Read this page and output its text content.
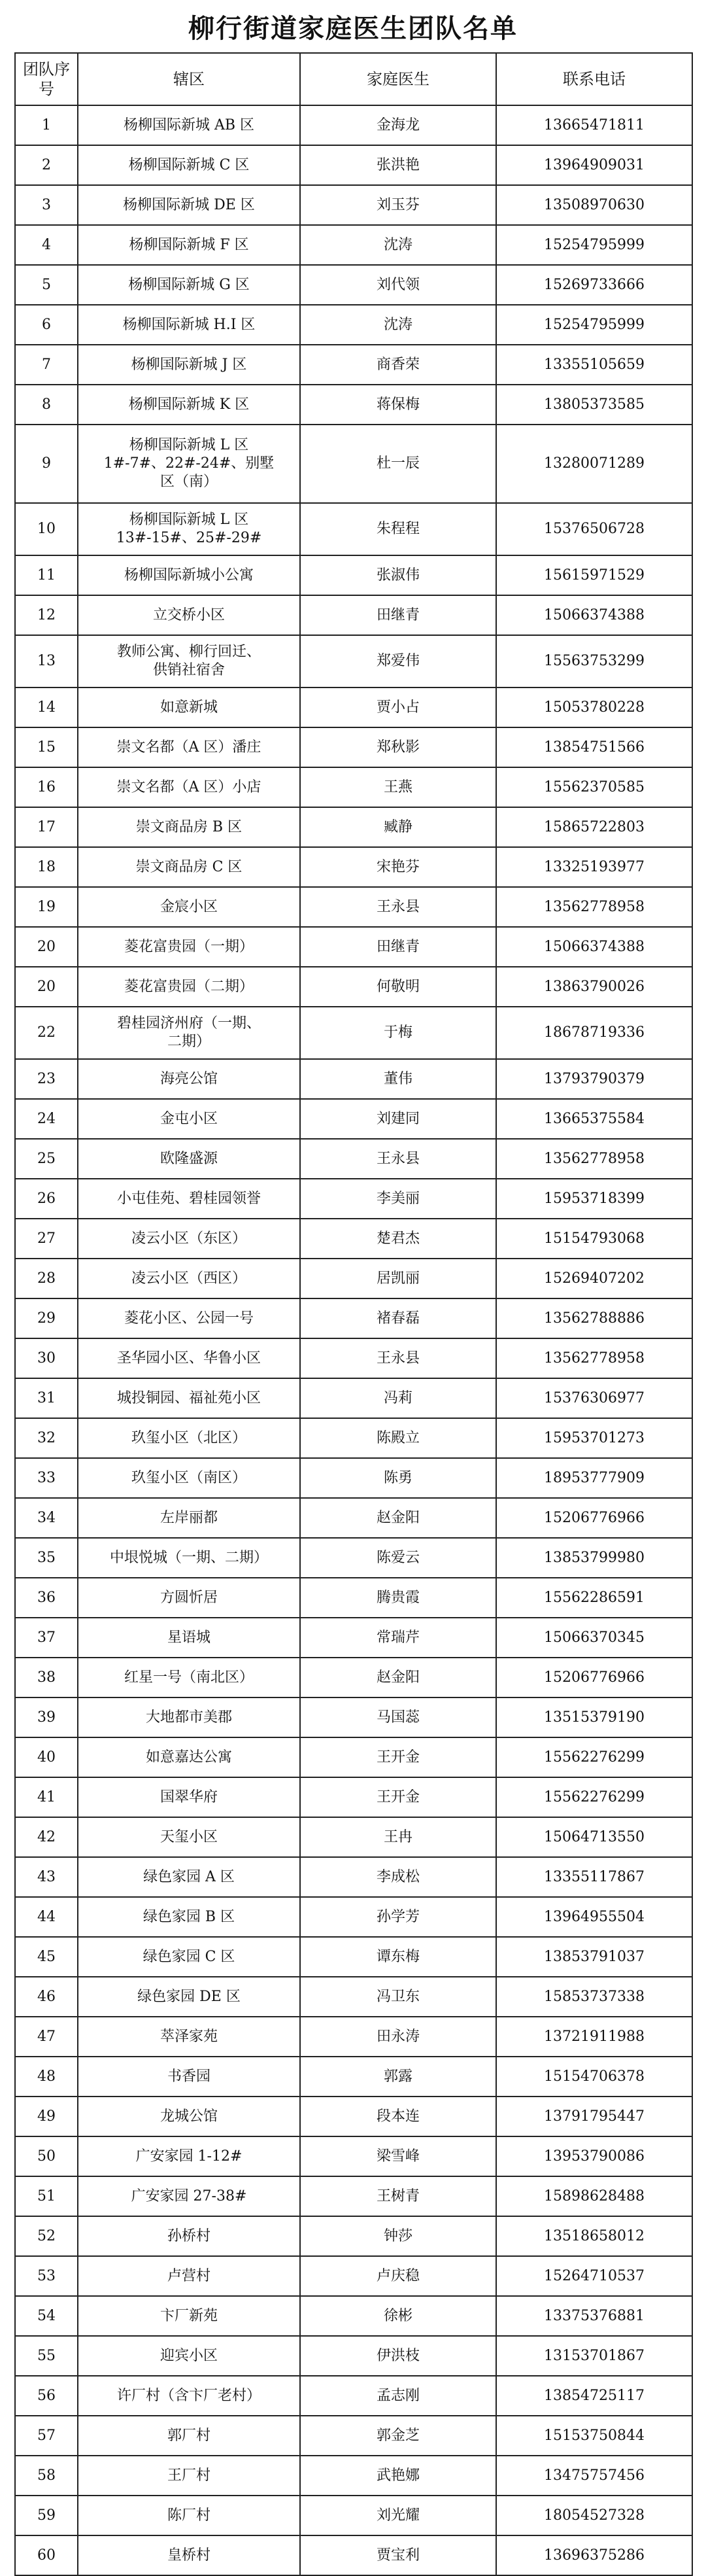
柳行街道家庭医生团队名单
团队序号	辖区	家庭医生	联系电话
1	杨柳国际新城 AB 区	金海龙	13665471811
2	杨柳国际新城 C 区	张洪艳	13964909031
3	杨柳国际新城 DE 区	刘玉芬	13508970630
4	杨柳国际新城 F 区	沈涛	15254795999
5	杨柳国际新城 G 区	刘代领	15269733666
6	杨柳国际新城 H.I 区	沈涛	15254795999
7	杨柳国际新城 J 区	商香荣	13355105659
8	杨柳国际新城 K 区	蒋保梅	13805373585
9	杨柳国际新城 L 区
1#-7#、22#-24#、别墅
区（南）	杜一辰	13280071289
10	杨柳国际新城 L 区
13#-15#、25#-29#	朱程程	15376506728
11	杨柳国际新城小公寓	张淑伟	15615971529
12	立交桥小区	田继青	15066374388
13	教师公寓、柳行回迁、
供销社宿舍	郑爱伟	15563753299
14	如意新城	贾小占	15053780228
15	崇文名都（A 区）潘庄	郑秋影	13854751566
16	崇文名都（A 区）小店	王燕	15562370585
17	崇文商品房 B 区	臧静	15865722803
18	崇文商品房 C 区	宋艳芬	13325193977
19	金宸小区	王永县	13562778958
20	菱花富贵园（一期）	田继青	15066374388
20	菱花富贵园（二期）	何敬明	13863790026
22	碧桂园济州府（一期、
二期）	于梅	18678719336
23	海亮公馆	董伟	13793790379
24	金屯小区	刘建同	13665375584
25	欧隆盛源	王永县	13562778958
26	小屯佳苑、碧桂园领誉	李美丽	15953718399
27	凌云小区（东区）	楚君杰	15154793068
28	凌云小区（西区）	居凯丽	15269407202
29	菱花小区、公园一号	褚春磊	13562788886
30	圣华园小区、华鲁小区	王永县	13562778958
31	城投铜园、福祉苑小区	冯莉	15376306977
32	玖玺小区（北区）	陈殿立	15953701273
33	玖玺小区（南区）	陈勇	18953777909
34	左岸丽都	赵金阳	15206776966
35	中垠悦城（一期、二期）	陈爱云	13853799980
36	方圆忻居	腾贵霞	15562286591
37	星语城	常瑞芹	15066370345
38	红星一号（南北区）	赵金阳	15206776966
39	大地都市美郡	马国蕊	13515379190
40	如意嘉达公寓	王开金	15562276299
41	国翠华府	王开金	15562276299
42	天玺小区	王冉	15064713550
43	绿色家园 A 区	李成松	13355117867
44	绿色家园 B 区	孙学芳	13964955504
45	绿色家园 C 区	谭东梅	13853791037
46	绿色家园 DE 区	冯卫东	15853737338
47	萃泽家苑	田永涛	13721911988
48	书香园	郭露	15154706378
49	龙城公馆	段本连	13791795447
50	广安家园 1-12#	梁雪峰	13953790086
51	广安家园 27-38#	王树青	15898628488
52	孙桥村	钟莎	13518658012
53	卢营村	卢庆稳	15264710537
54	卞厂新苑	徐彬	13375376881
55	迎宾小区	伊洪枝	13153701867
56	许厂村（含卞厂老村）	孟志刚	13854725117
57	郭厂村	郭金芝	15153750844
58	王厂村	武艳娜	13475757456
59	陈厂村	刘光耀	18054527328
60	皇桥村	贾宝利	13696375286
